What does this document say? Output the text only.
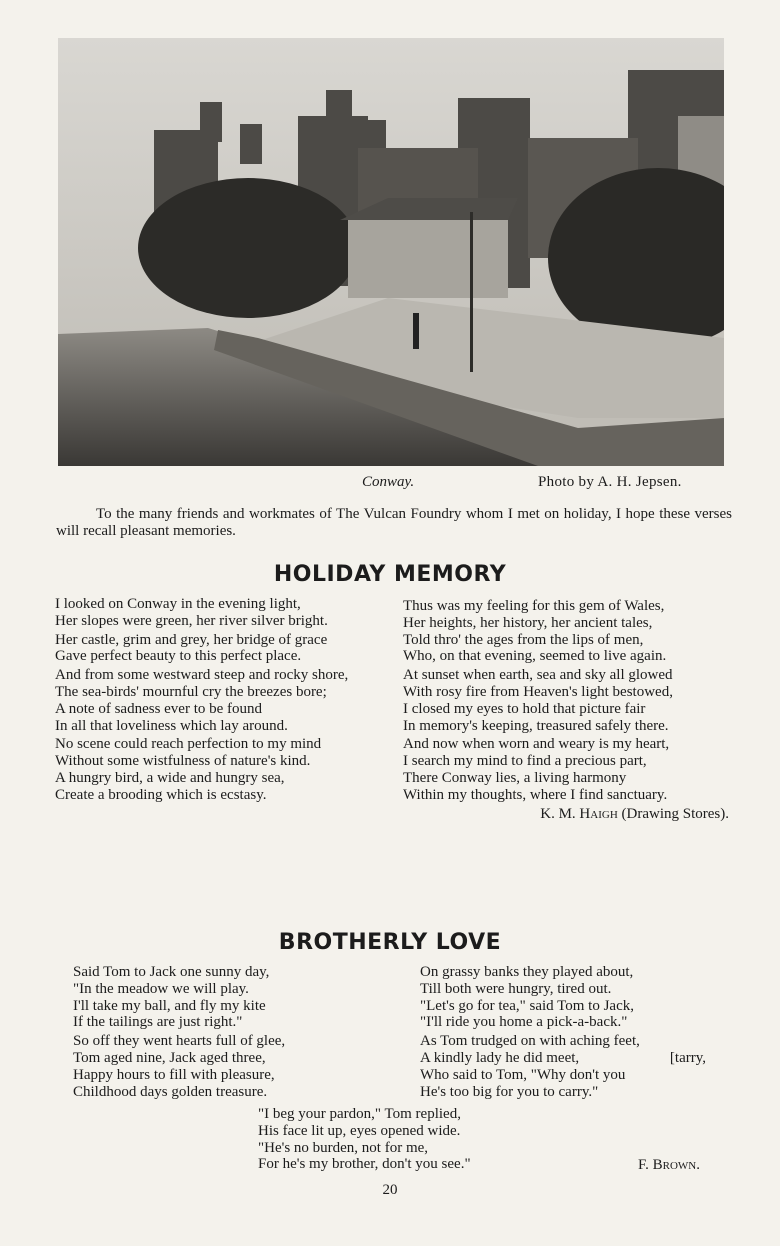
Conway.	Photo by A. H. Jepsen.
To the many friends and workmates of The Vulcan Foundry whom I met on holiday, I hope these verses will recall pleasant memories.
HOLIDAY MEMORY
I looked on Conway in the evening light,
Her slopes were green, her river silver bright.
Her castle, grim and grey, her bridge of grace
Gave perfect beauty to this perfect place.
And from some westward steep and rocky shore,
The sea-birds' mournful cry the breezes bore;
A note of sadness ever to be found
In all that loveliness which lay around.
No scene could reach perfection to my mind
Without some wistfulness of nature's kind.
A hungry bird, a wide and hungry sea,
Create a brooding which is ecstasy.
Thus was my feeling for this gem of Wales,
Her heights, her history, her ancient tales,
Told thro' the ages from the lips of men,
Who, on that evening, seemed to live again.
At sunset when earth, sea and sky all glowed
With rosy fire from Heaven's light bestowed,
I closed my eyes to hold that picture fair
In memory's keeping, treasured safely there.
And now when worn and weary is my heart,
I search my mind to find a precious part,
There Conway lies, a living harmony
Within my thoughts, where I find sanctuary.
K. M. Haigh (Drawing Stores).
BROTHERLY LOVE
Said Tom to Jack one sunny day,
"In the meadow we will play.
I'll take my ball, and fly my kite
If the tailings are just right."
So off they went hearts full of glee,
Tom aged nine, Jack aged three,
Happy hours to fill with pleasure,
Childhood days golden treasure.
On grassy banks they played about,
Till both were hungry, tired out.
"Let's go for tea," said Tom to Jack,
"I'll ride you home a pick-a-back."
As Tom trudged on with aching feet,
A kindly lady he did meet,	[tarry,
Who said to Tom, "Why don't you
He's too big for you to carry."
"I beg your pardon," Tom replied,
His face lit up, eyes opened wide.
"He's no burden, not for me,
For he's my brother, don't you see."	F. Brown.
20
